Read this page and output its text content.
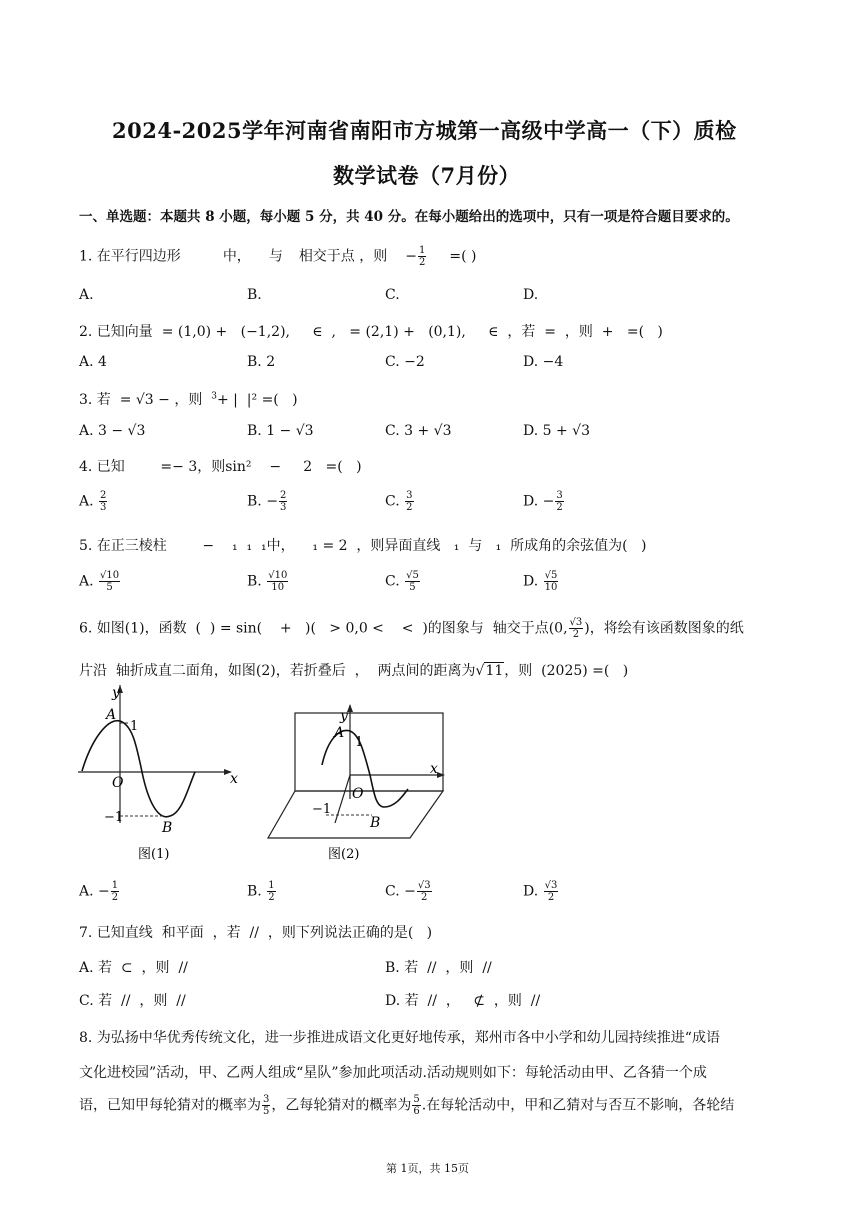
2024-2025学年河南省南阳市方城第一高级中学高一（下）质检
数学试卷（7月份）
一、单选题：本题共 8 小题，每小题 5 分，共 40 分。在每小题给出的选项中，只有一项是符合题目要求的。
1. 在平行四边形	中， 与 相交于点 ，则 − $\frac{1}{2}$ =( )
A.	B.	C.	D.
2. 已知向量  = (1,0) +   (−1,2),     ∈  ,   = (2,1) +   (0,1),     ∈  ，若  =  ，则  +   =(   )
A. 4	B. 2	C. −2	D. −4
3. 若  = √3 − ，则 $^3$+ |  |² =(   )
A. 3 − √3	B. 1 − √3	C. 3 + √3	D. 5 + √3
4. 已知        =− 3，则sin²    −     2   =(   )
A. $\frac{2}{3}$	B. − $\frac{2}{3}$	C. $\frac{3}{2}$	D. − $\frac{3}{2}$
5. 在正三棱柱        −    ₁  ₁  ₁中，    ₁ = 2  ，则异面直线   ₁  与   ₁  所成角的余弦值为(   )
A. $\frac{√10}{5}$	B. $\frac{√10}{10}$	C. $\frac{√5}{5}$	D. $\frac{√5}{10}$
6. 如图(1)，函数  (  ) = sin(    +   )(   > 0,0 <    <  )的图象与  轴交于点(0, $\frac{√3}{2}$ )，将绘有该函数图象的纸
片沿  轴折成直二面角，如图(2)，若折叠后  ，  两点间的距离为√11，则  (2025) =(   )
y
x
O
A
1
−1
B
图(1)
y
x
O
A
1
−1
B
图(2)
A. − $\frac{1}{2}$	B. $\frac{1}{2}$	C. − $\frac{√3}{2}$	D. $\frac{√3}{2}$
7. 已知直线  和平面  ，若  //  ，则下列说法正确的是(   )
A. 若  ⊂  ，则  //	B. 若  //  ，则  //
C. 若  //  ，则  //	D. 若  //  ，   ⊄  ，则  //
8. 为弘扬中华优秀传统文化，进一步推进成语文化更好地传承，郑州市各中小学和幼儿园持续推进“成语
文化进校园”活动，甲、乙两人组成“星队”参加此项活动.活动规则如下：每轮活动由甲、乙各猜一个成
语，已知甲每轮猜对的概率为 $\frac{3}{5}$ ，乙每轮猜对的概率为 $\frac{5}{6}$ .在每轮活动中，甲和乙猜对与否互不影响，各轮结
第 1页，共 15页
